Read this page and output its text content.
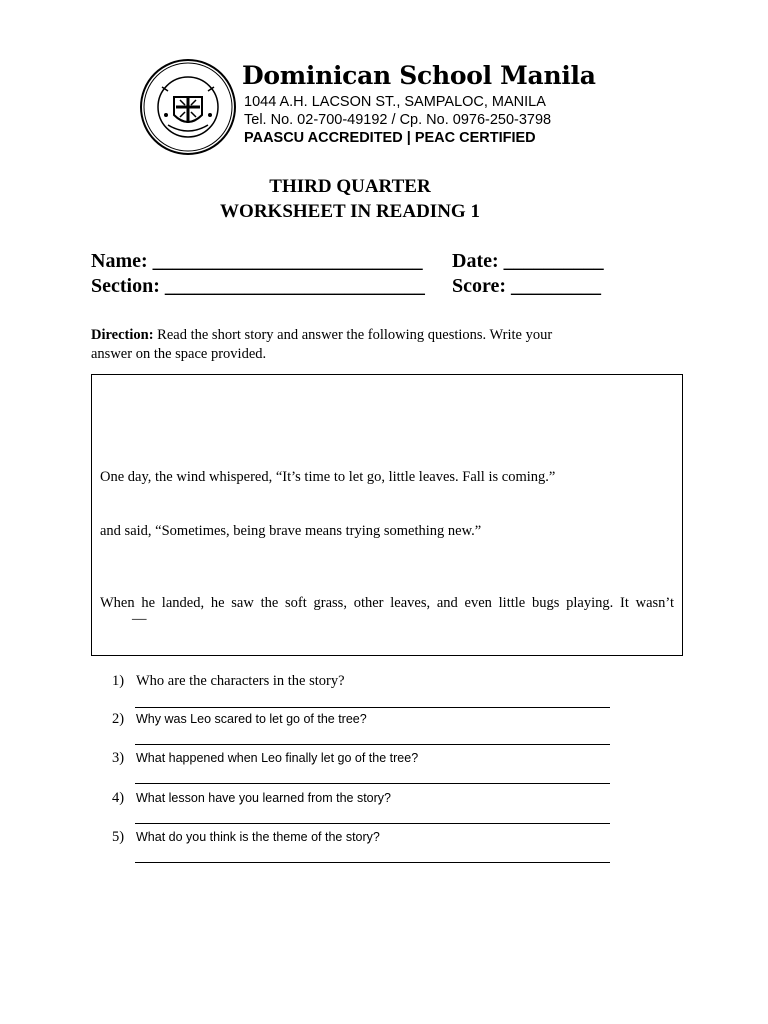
Dominican School Manila
1044 A.H. LACSON ST., SAMPALOC, MANILA
Tel. No. 02-700-49192 / Cp. No. 0976-250-3798
PAASCU ACCREDITED | PEAC CERTIFIED
THIRD QUARTER
WORKSHEET IN READING 1
Name: ___________________________ Date: __________
Section: __________________________ Score: _________
Direction: Read the short story and answer the following questions. Write your answer on the space provided.
One day, the wind whispered, “It’s time to let go, little leaves. Fall is coming.”
and said, “Sometimes, being brave means trying something new.”
When he landed, he saw the soft grass, other leaves, and even little bugs playing. It wasn’t
—
1) Who are the characters in the story?
2) Why was Leo scared to let go of the tree?
3) What happened when Leo finally let go of the tree?
4) What lesson have you learned from the story?
5) What do you think is the theme of the story?
